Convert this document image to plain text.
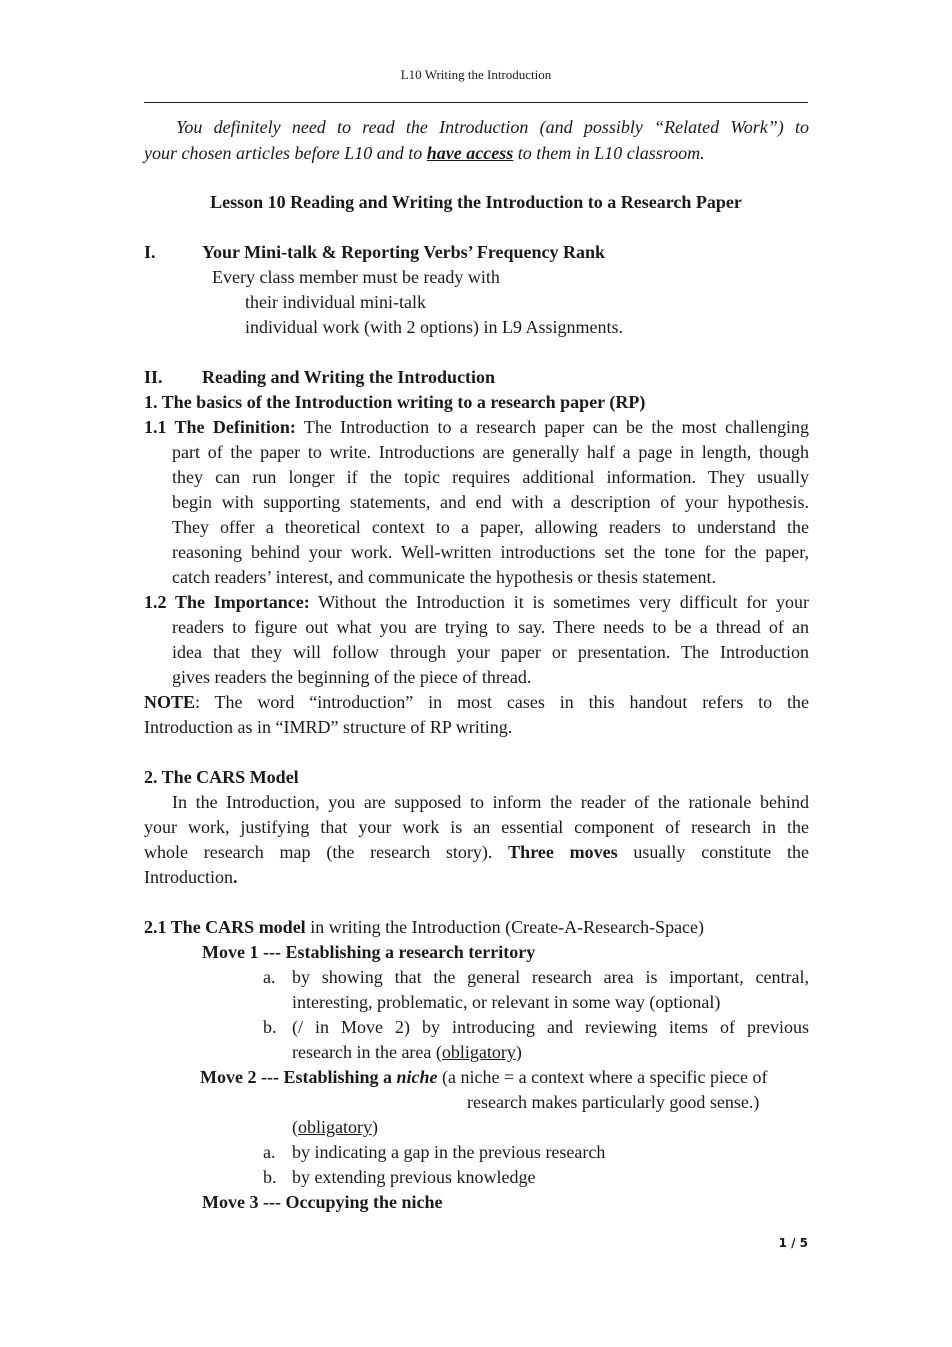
L10 Writing the Introduction
You definitely need to read the Introduction (and possibly “Related Work”) to
your chosen articles before L10 and to have access to them in L10 classroom.
Lesson 10 Reading and Writing the Introduction to a Research Paper
I.	Your Mini-talk & Reporting Verbs’ Frequency Rank
Every class member must be ready with
their individual mini-talk
individual work (with 2 options) in L9 Assignments.
II. Reading and Writing the Introduction
1. The basics of the Introduction writing to a research paper (RP)
1.1 The Definition: The Introduction to a research paper can be the most challenging
part of the paper to write. Introductions are generally half a page in length, though
they can run longer if the topic requires additional information. They usually
begin with supporting statements, and end with a description of your hypothesis.
They offer a theoretical context to a paper, allowing readers to understand the
reasoning behind your work. Well-written introductions set the tone for the paper,
catch readers’ interest, and communicate the hypothesis or thesis statement.
1.2 The Importance: Without the Introduction it is sometimes very difficult for your
readers to figure out what you are trying to say. There needs to be a thread of an
idea that they will follow through your paper or presentation. The Introduction
gives readers the beginning of the piece of thread.
NOTE: The word “introduction” in most cases in this handout refers to the
Introduction as in “IMRD” structure of RP writing.
2. The CARS Model
In the Introduction, you are supposed to inform the reader of the rationale behind
your work, justifying that your work is an essential component of research in the
whole research map (the research story). Three moves usually constitute the
Introduction.
2.1 The CARS model in writing the Introduction (Create-A-Research-Space)
Move 1 --- Establishing a research territory
a. by showing that the general research area is important, central,
interesting, problematic, or relevant in some way (optional)
b. (/ in Move 2) by introducing and reviewing items of previous
research in the area (obligatory)
Move 2 --- Establishing a niche (a niche = a context where a specific piece of
research makes particularly good sense.)
(obligatory)
a. by indicating a gap in the previous research
b. by extending previous knowledge
Move 3 --- Occupying the niche
1 / 5
